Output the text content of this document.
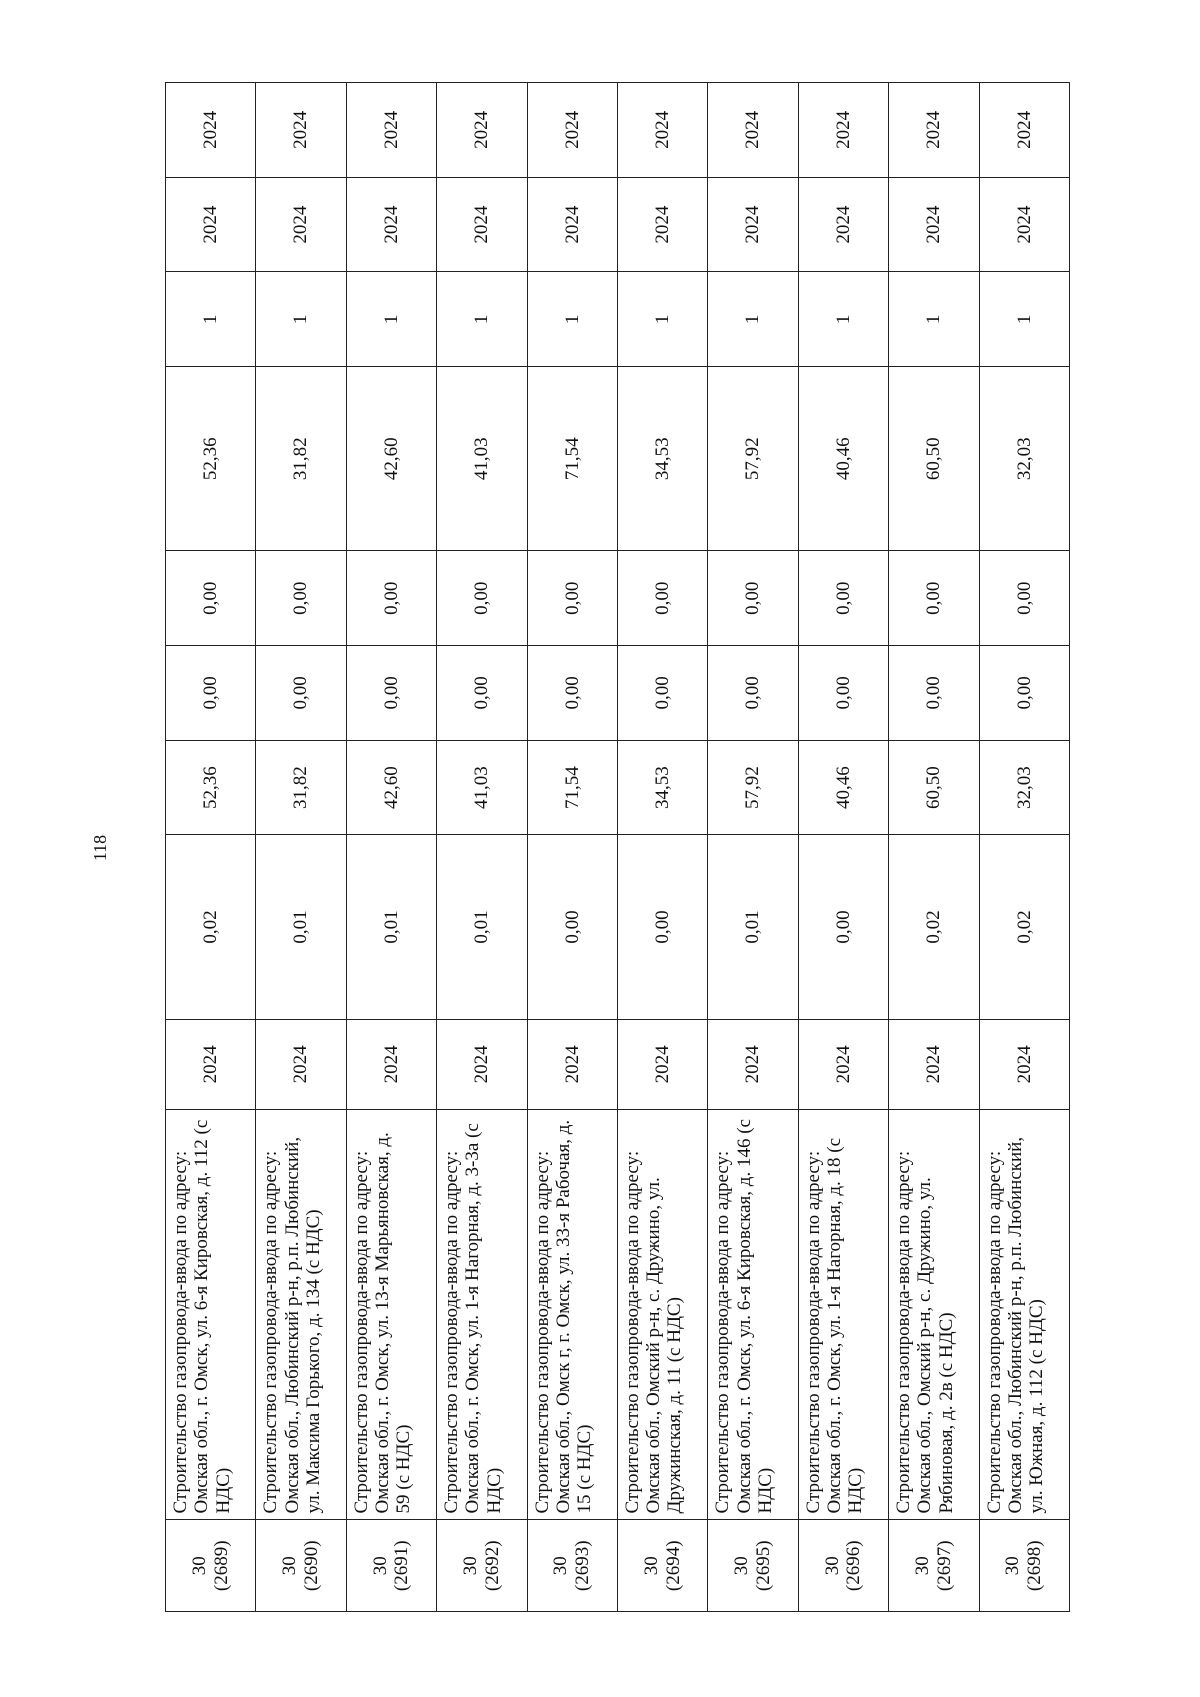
118
30 (2689)	Строительство газопровода-ввода по адресу: Омская обл., г. Омск, ул. 6-я Кировская, д. 112 (с НДС)	2024	0,02	52,36	0,00	0,00	52,36	1	2024	2024

30 (2690)	Строительство газопровода-ввода по адресу: Омская обл., Любинский р-н, р.п. Любинский, ул. Максима Горького, д. 134 (с НДС)	2024	0,01	31,82	0,00	0,00	31,82	1	2024	2024

30 (2691)	Строительство газопровода-ввода по адресу: Омская обл., г. Омск, ул. 13-я Марьяновская, д. 59 (с НДС)	2024	0,01	42,60	0,00	0,00	42,60	1	2024	2024

30 (2692)	Строительство газопровода-ввода по адресу: Омская обл., г. Омск, ул. 1-я Нагорная, д. 3-3а (с НДС)	2024	0,01	41,03	0,00	0,00	41,03	1	2024	2024

30 (2693)	Строительство газопровода-ввода по адресу: Омская обл., Омск г, г. Омск, ул. 33-я Рабочая, д. 15 (с НДС)	2024	0,00	71,54	0,00	0,00	71,54	1	2024	2024

30 (2694)	Строительство газопровода-ввода по адресу: Омская обл., Омский р-н, с. Дружино, ул. Дружинская, д. 11 (с НДС)	2024	0,00	34,53	0,00	0,00	34,53	1	2024	2024

30 (2695)	Строительство газопровода-ввода по адресу: Омская обл., г. Омск, ул. 6-я Кировская, д. 146 (с НДС)	2024	0,01	57,92	0,00	0,00	57,92	1	2024	2024

30 (2696)	Строительство газопровода-ввода по адресу: Омская обл., г. Омск, ул. 1-я Нагорная, д. 18 (с НДС)	2024	0,00	40,46	0,00	0,00	40,46	1	2024	2024

30 (2697)	Строительство газопровода-ввода по адресу: Омская обл., Омский р-н, с. Дружино, ул. Рябиновая, д. 2в (с НДС)	2024	0,02	60,50	0,00	0,00	60,50	1	2024	2024

30 (2698)	Строительство газопровода-ввода по адресу: Омская обл., Любинский р-н, р.п. Любинский, ул. Южная, д. 112 (с НДС)	2024	0,02	32,03	0,00	0,00	32,03	1	2024	2024
